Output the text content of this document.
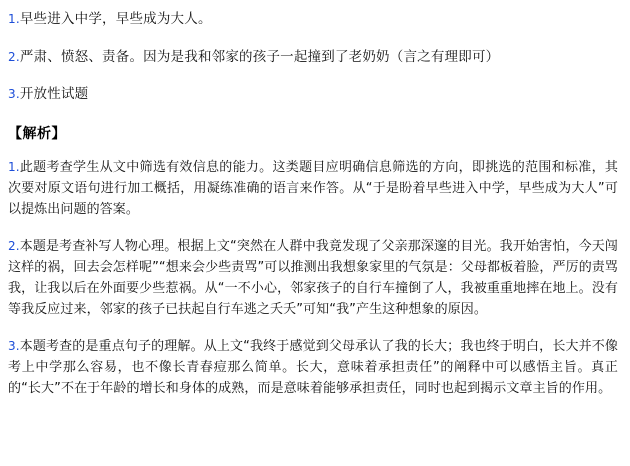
1.早些进入中学，早些成为大人。

2.严肃、愤怒、责备。因为是我和邻家的孩子一起撞到了老奶奶（言之有理即可）

3.开放性试题

【解析】

1.此题考查学生从文中筛选有效信息的能力。这类题目应明确信息筛选的方向，即挑选的范围和标准，其次要对原文语句进行加工概括，用凝练准确的语言来作答。从“于是盼着早些进入中学，早些成为大人”可以提炼出问题的答案。

2.本题是考查补写人物心理。根据上文“突然在人群中我竟发现了父亲那深邃的目光。我开始害怕，今天闯这样的祸，回去会怎样呢”“想来会少些责骂”可以推测出我想象家里的气氛是：父母都板着脸，严厉的责骂我，让我以后在外面要少些惹祸。从“一不小心，邻家孩子的自行车撞倒了人，我被重重地摔在地上。没有等我反应过来，邻家的孩子已扶起自行车逃之夭夭”可知“我”产生这种想象的原因。

3.本题考查的是重点句子的理解。从上文“我终于感觉到父母承认了我的长大；我也终于明白，长大并不像考上中学那么容易，也不像长青春痘那么简单。长大，意味着承担责任”的阐释中可以感悟主旨。真正的“长大”不在于年龄的增长和身体的成熟，而是意味着能够承担责任，同时也起到揭示文章主旨的作用。
